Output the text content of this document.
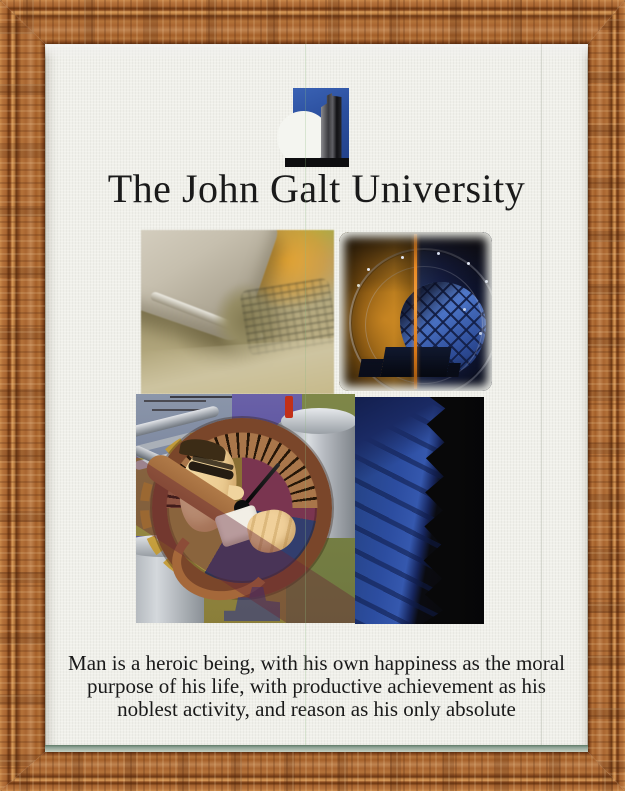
The John Galt University
Man is a heroic being, with his own happiness as the moral
purpose of his life, with productive achievement as his
noblest activity, and reason as his only absolute
